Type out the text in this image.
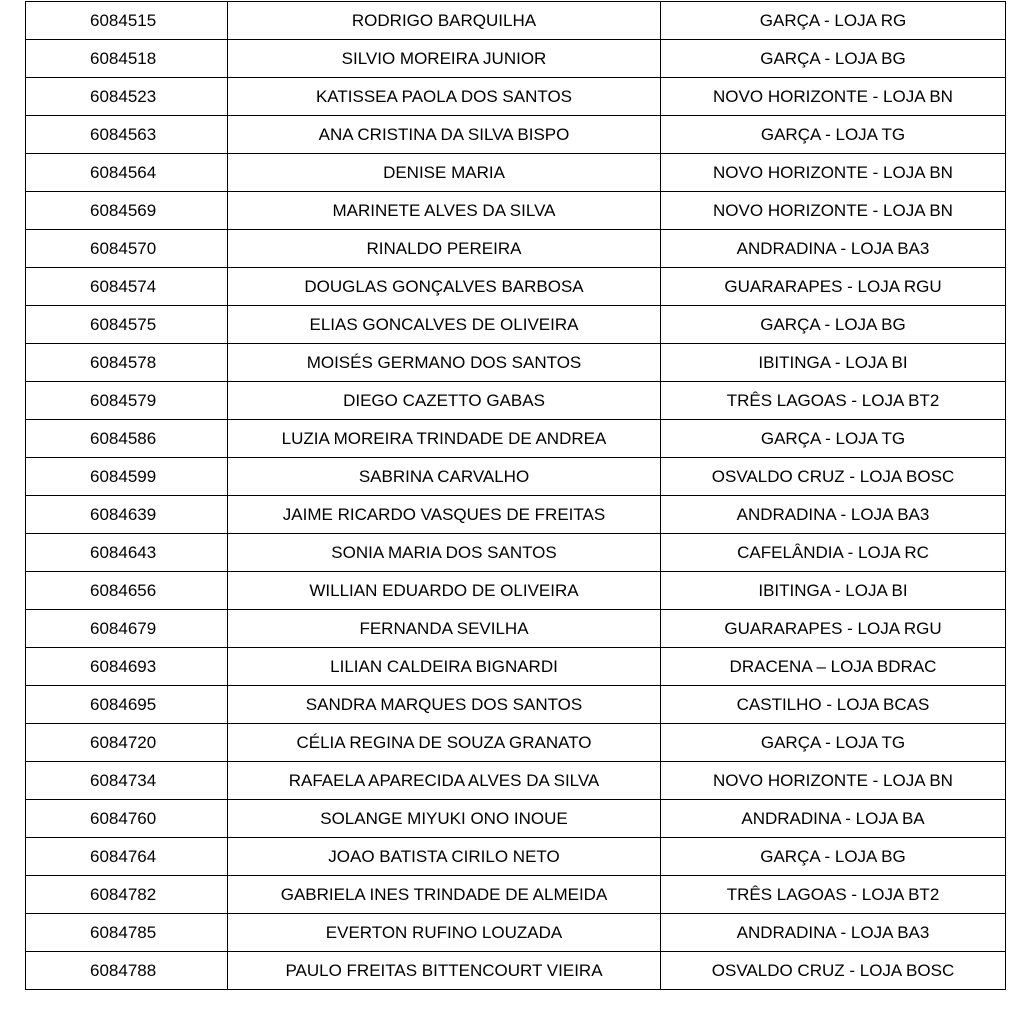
6084515	RODRIGO BARQUILHA	GARÇA - LOJA RG
6084518	SILVIO MOREIRA JUNIOR	GARÇA - LOJA BG
6084523	KATISSEA PAOLA DOS SANTOS	NOVO HORIZONTE - LOJA BN
6084563	ANA CRISTINA DA SILVA BISPO	GARÇA - LOJA TG
6084564	DENISE MARIA	NOVO HORIZONTE - LOJA BN
6084569	MARINETE ALVES DA SILVA	NOVO HORIZONTE - LOJA BN
6084570	RINALDO PEREIRA	ANDRADINA - LOJA BA3
6084574	DOUGLAS GONÇALVES BARBOSA	GUARARAPES - LOJA RGU
6084575	ELIAS GONCALVES DE OLIVEIRA	GARÇA - LOJA BG
6084578	MOISÉS GERMANO DOS SANTOS	IBITINGA - LOJA BI
6084579	DIEGO CAZETTO GABAS	TRÊS LAGOAS - LOJA BT2
6084586	LUZIA MOREIRA TRINDADE DE ANDREA	GARÇA - LOJA TG
6084599	SABRINA CARVALHO	OSVALDO CRUZ - LOJA BOSC
6084639	JAIME RICARDO VASQUES DE FREITAS	ANDRADINA - LOJA BA3
6084643	SONIA MARIA DOS SANTOS	CAFELÂNDIA - LOJA RC
6084656	WILLIAN EDUARDO DE OLIVEIRA	IBITINGA - LOJA BI
6084679	FERNANDA SEVILHA	GUARARAPES - LOJA RGU
6084693	LILIAN CALDEIRA BIGNARDI	DRACENA – LOJA BDRAC
6084695	SANDRA MARQUES DOS SANTOS	CASTILHO - LOJA BCAS
6084720	CÉLIA REGINA DE SOUZA GRANATO	GARÇA - LOJA TG
6084734	RAFAELA APARECIDA ALVES DA SILVA	NOVO HORIZONTE - LOJA BN
6084760	SOLANGE MIYUKI ONO INOUE	ANDRADINA - LOJA BA
6084764	JOAO BATISTA CIRILO NETO	GARÇA - LOJA BG
6084782	GABRIELA INES TRINDADE DE ALMEIDA	TRÊS LAGOAS - LOJA BT2
6084785	EVERTON RUFINO LOUZADA	ANDRADINA - LOJA BA3
6084788	PAULO FREITAS BITTENCOURT VIEIRA	OSVALDO CRUZ - LOJA BOSC
